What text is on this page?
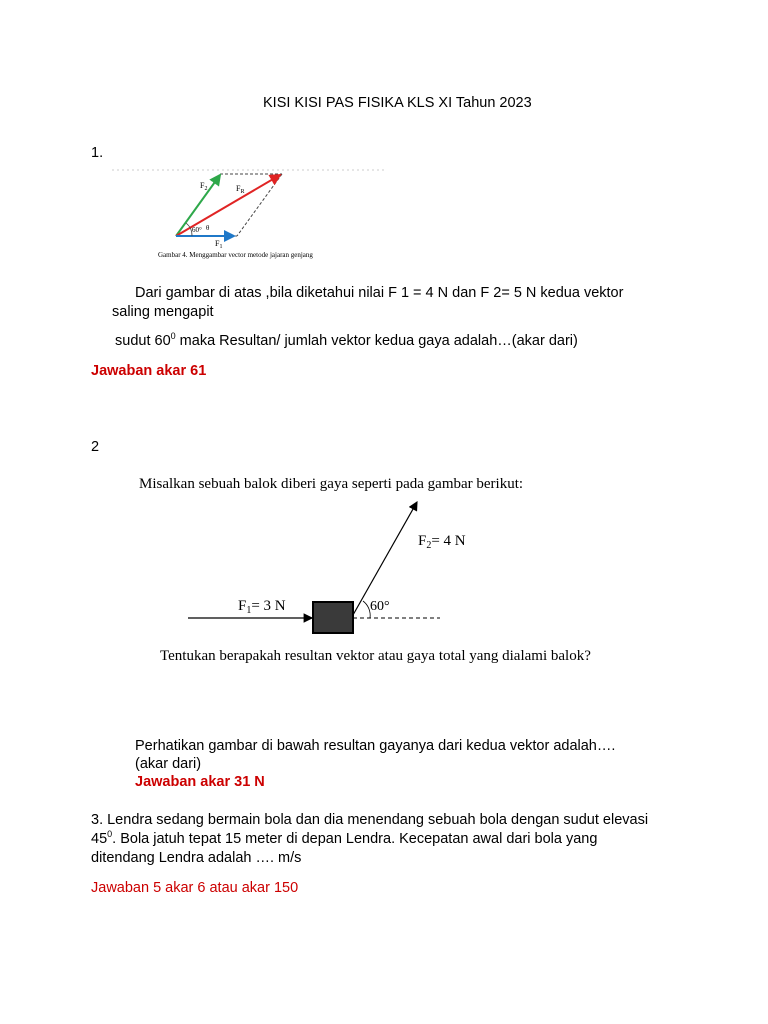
KISI KISI PAS FISIKA KLS XI Tahun 2023
1.
$F_2$	$F_R$
$F_1$
60° θ
Gambar 4. Menggambar vector metode jajaran genjang
Dari gambar di atas ,bila diketahui nilai F 1 = 4 N dan F 2= 5 N kedua vektor
saling mengapit
sudut $60^0$ maka Resultan/ jumlah vektor kedua gaya adalah…(akar dari)
Jawaban akar 61
2
Misalkan sebuah balok diberi gaya seperti pada gambar berikut:
$F_2= 4$ N
$F_1= 3$ N	60°
Tentukan berapakah resultan vektor atau gaya total yang dialami balok?
Perhatikan gambar di bawah resultan gayanya dari kedua vektor adalah….
(akar dari)
Jawaban akar 31 N
3. Lendra sedang bermain bola dan dia menendang sebuah bola dengan sudut elevasi
$45^0$. Bola jatuh tepat 15 meter di depan Lendra. Kecepatan awal dari bola yang
ditendang Lendra adalah …. m/s
Jawaban 5 akar 6 atau akar 150
